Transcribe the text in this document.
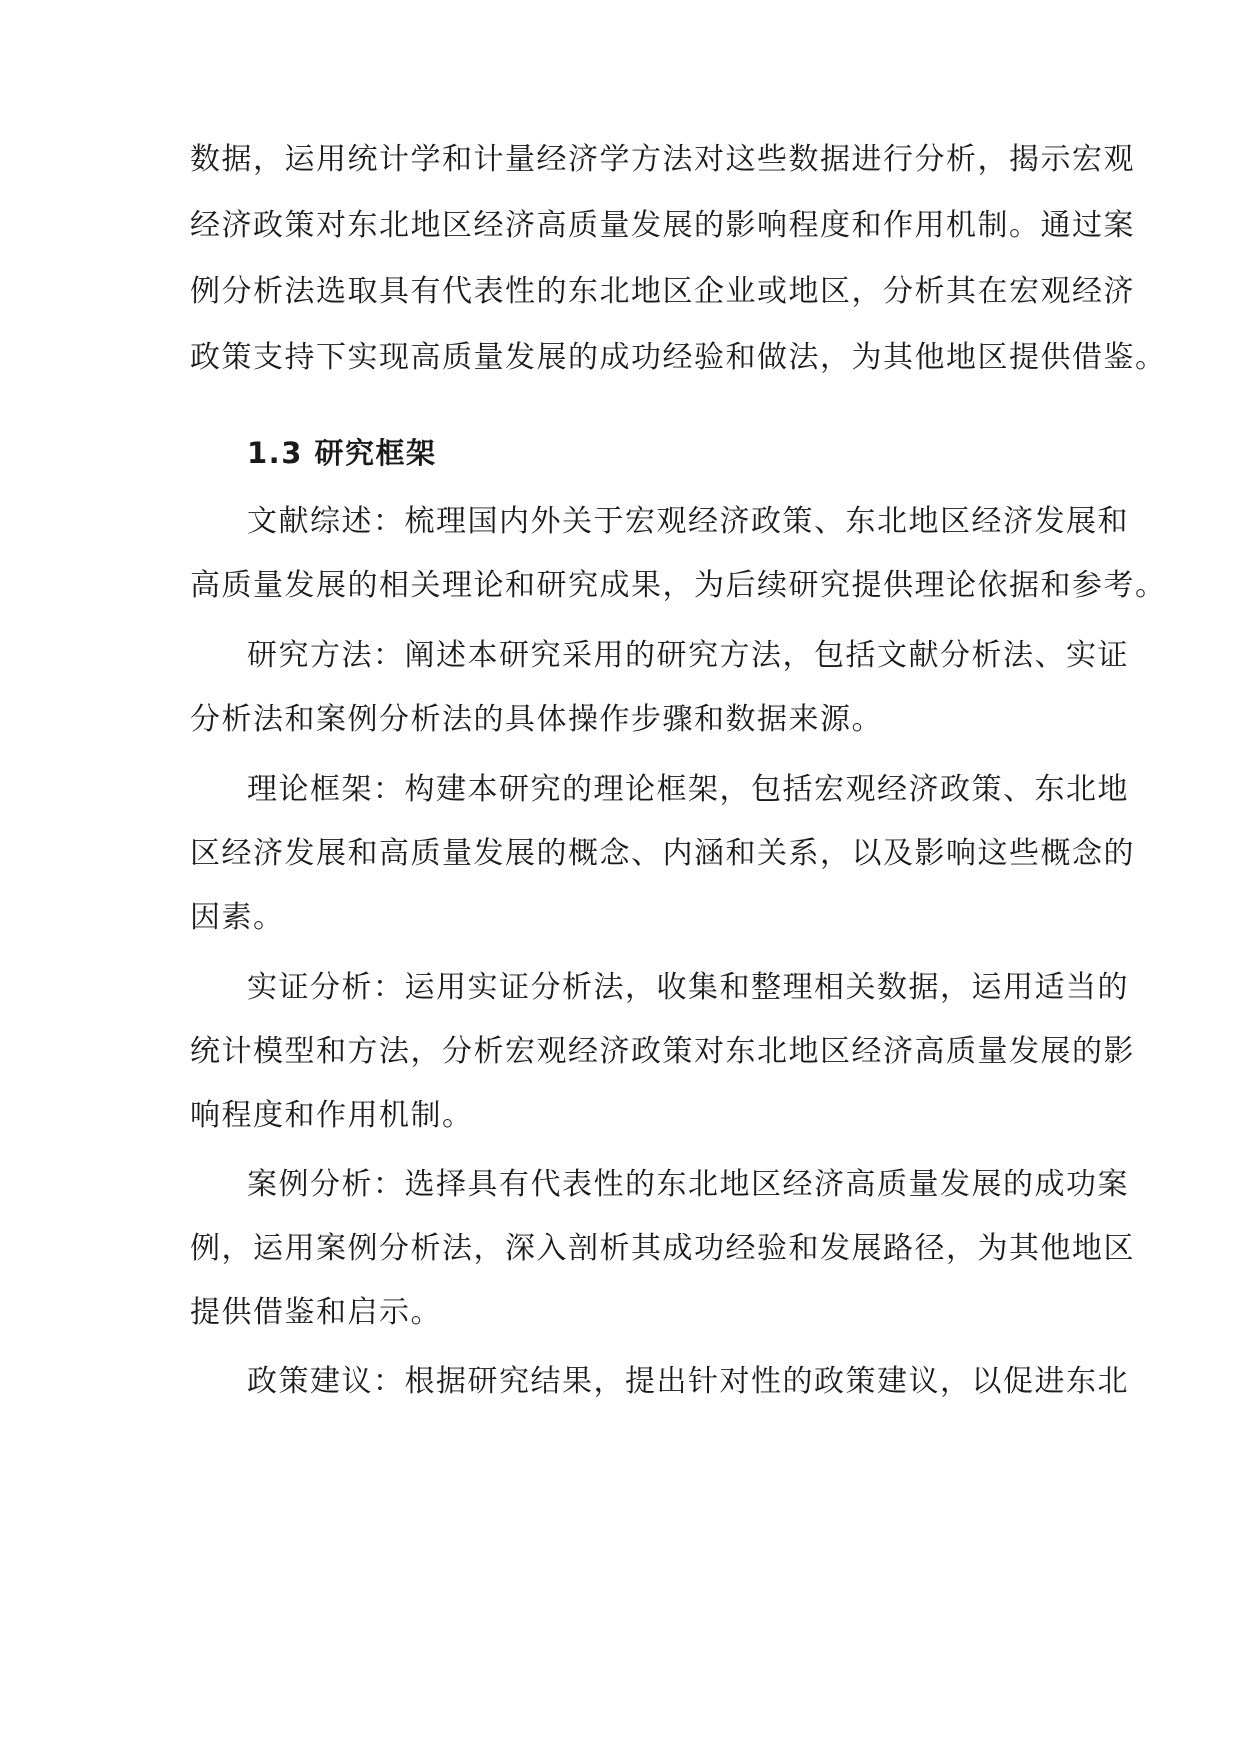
数据，运用统计学和计量经济学方法对这些数据进行分析，揭示宏观
经济政策对东北地区经济高质量发展的影响程度和作用机制。通过案
例分析法选取具有代表性的东北地区企业或地区，分析其在宏观经济
政策支持下实现高质量发展的成功经验和做法，为其他地区提供借鉴。
1.3 研究框架
文献综述：梳理国内外关于宏观经济政策、东北地区经济发展和
高质量发展的相关理论和研究成果，为后续研究提供理论依据和参考。
研究方法：阐述本研究采用的研究方法，包括文献分析法、实证
分析法和案例分析法的具体操作步骤和数据来源。
理论框架：构建本研究的理论框架，包括宏观经济政策、东北地
区经济发展和高质量发展的概念、内涵和关系，以及影响这些概念的
因素。
实证分析：运用实证分析法，收集和整理相关数据，运用适当的
统计模型和方法，分析宏观经济政策对东北地区经济高质量发展的影
响程度和作用机制。
案例分析：选择具有代表性的东北地区经济高质量发展的成功案
例，运用案例分析法，深入剖析其成功经验和发展路径，为其他地区
提供借鉴和启示。
政策建议：根据研究结果，提出针对性的政策建议，以促进东北
